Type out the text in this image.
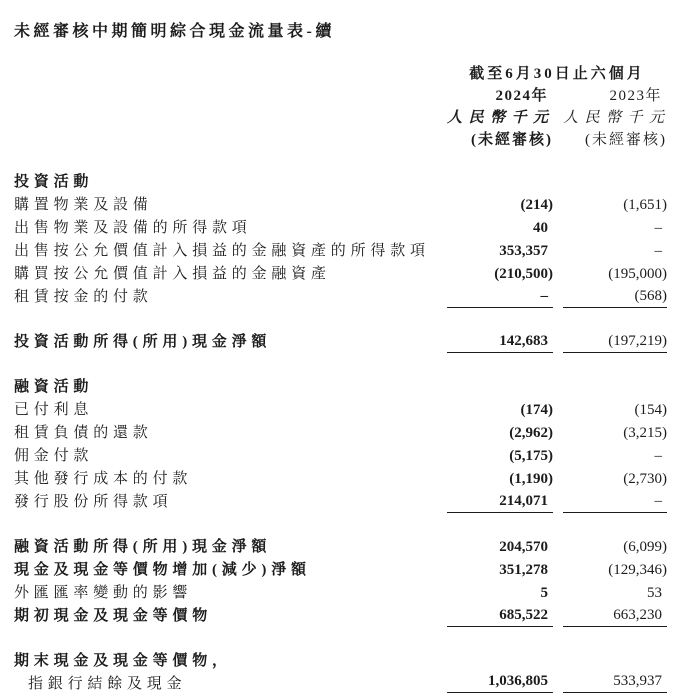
未經審核中期簡明綜合現金流量表-續
截至6月30日止六個月
2024年	2023年
人民幣千元 人民幣千元
(未經審核)	(未經審核)
投資活動
購置物業及設備	(214)	(1,651)
出售物業及設備的所得款項	40	–
出售按公允價值計入損益的金融資產的所得款項	353,357	–
購買按公允價值計入損益的金融資產	(210,500)	(195,000)
租賃按金的付款	–	(568)
投資活動所得(所用)現金淨額	142,683	(197,219)
融資活動
已付利息	(174)	(154)
租賃負債的還款	(2,962)	(3,215)
佣金付款	(5,175)	–
其他發行成本的付款	(1,190)	(2,730)
發行股份所得款項	214,071	–
融資活動所得(所用)現金淨額	204,570	(6,099)
現金及現金等價物增加(減少)淨額	351,278	(129,346)
外匯匯率變動的影響	5	53
期初現金及現金等價物	685,522	663,230
期末現金及現金等價物，
指銀行結餘及現金	1,036,805	533,937
